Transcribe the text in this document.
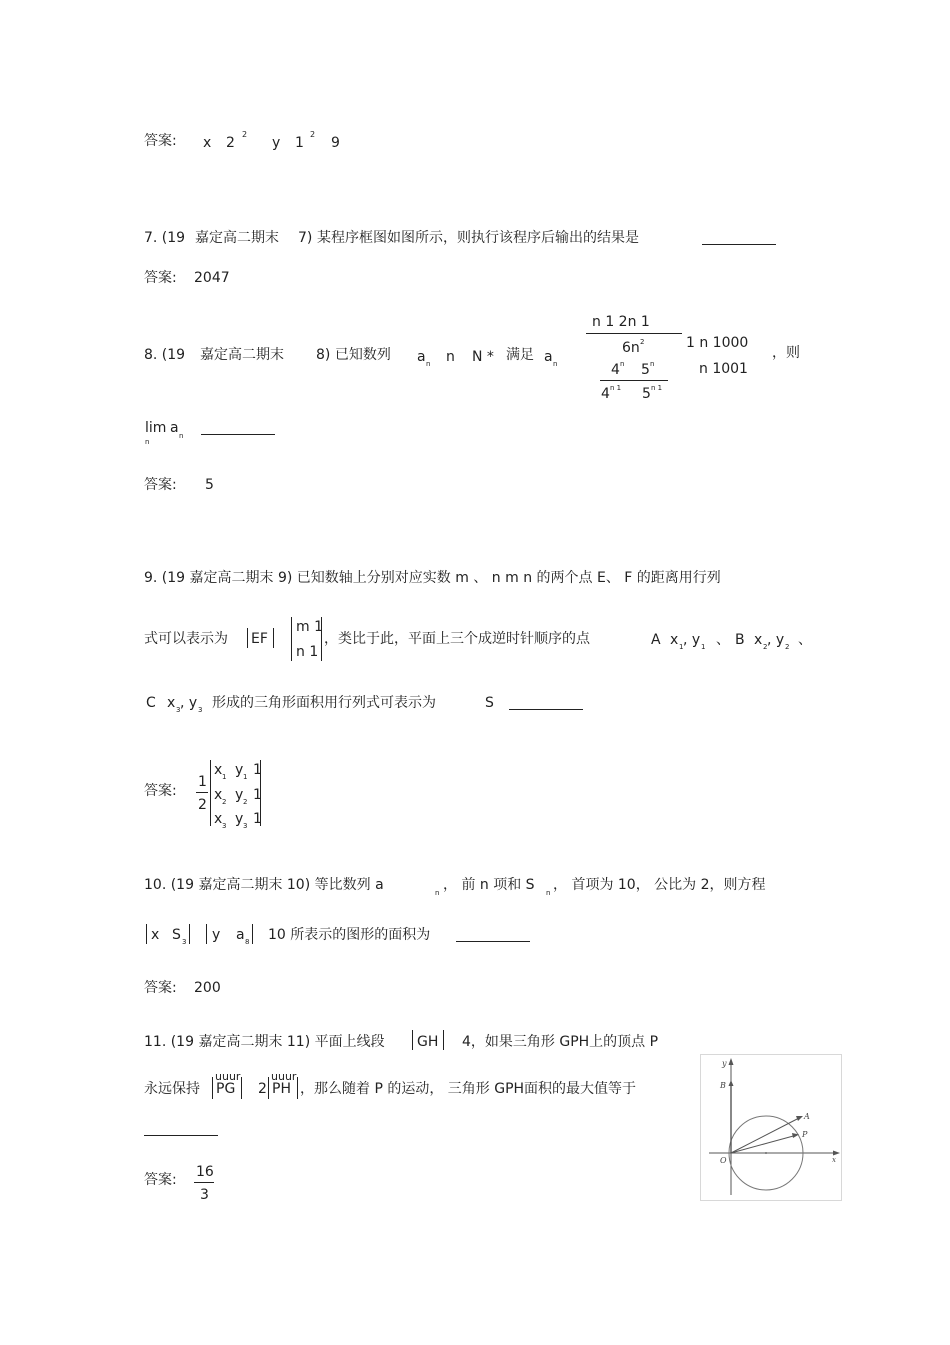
答案: x 2
2
y 1
2
9
7. (19 嘉定高二期末 7) 某程序框图如图所示，则执行该程序后输出的结果是
答案: 2047
8. (19 嘉定高二期末 8) 已知数列 a n n N * 满足 a n
n 1 2n 1
6n 2	1 n 1000
4 n 5 n
4 n 1 5 n 1
n 1001
，则
lim
n
a n
答案: 5
9. (19 嘉定高二期末 9) 已知数轴上分别对应实数 m 、 n m n 的两个点 E、 F 的距离用行列
式可以表示为 EF
m 1
n 1
，类比于此，平面上三个成逆时针顺序的点	A x 1 , y 1 、 B x 2 , y 2 、
C x 3 , y 3 形成的三角形面积用行列式可表示为	S
答案:
1
2
x 1 y 1 1
x 2 y 2 1
x 3 y 3 1
10. (19 嘉定高二期末 10) 等比数列 a	n ， 前 n 项和 S n ， 首项为 10， 公比为 2，则方程
x S 3 y a 8 10 所表示的图形的面积为
答案: 200
11. (19 嘉定高二期末 11) 平面上线段 GH 4，如果三角形 GPH上的顶点 P
永远保持
uuur
PG 2
uuur
PH ，那么随着 P 的运动， 三角形 GPH面积的最大值等于
答案: 16
3
y
B
A
P
O	x
